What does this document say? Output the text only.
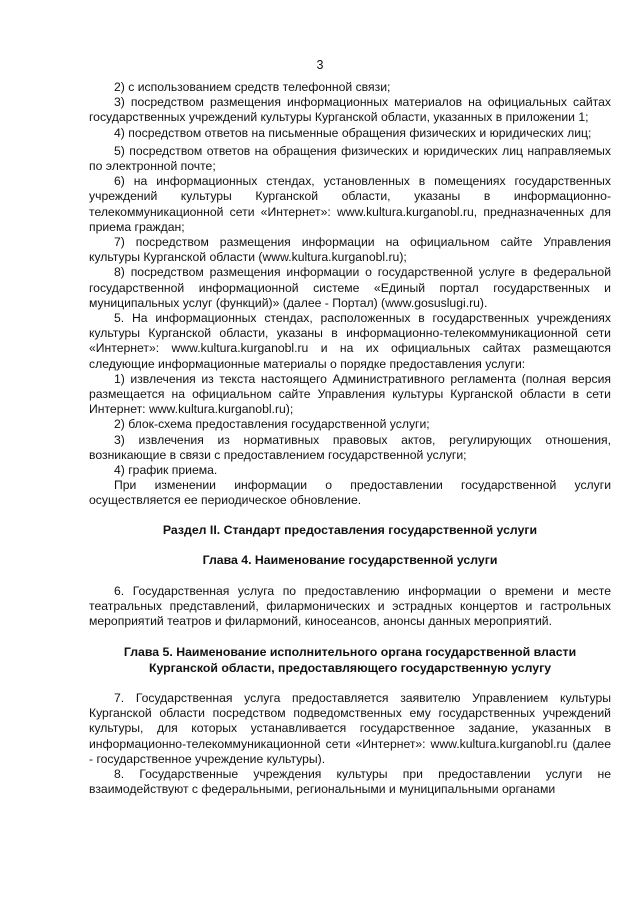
3

2) с использованием средств телефонной связи;

3) посредством размещения информационных материалов на официальных сайтах государственных учреждений культуры Курганской области, указанных в приложении 1;

4) посредством ответов на письменные обращения физических и юридических лиц;

5) посредством ответов на обращения физических и юридических лиц направляемых по электронной почте;

6) на информационных стендах, установленных в помещениях государственных учреждений культуры Курганской области, указаны в информационно-телекоммуникационной сети «Интернет»: www.kultura.kurganobl.ru, предназначенных для приема граждан;

7) посредством размещения информации на официальном сайте Управления культуры Курганской области (www.kultura.kurganobl.ru);

8) посредством размещения информации о государственной услуге в федеральной государственной информационной системе «Единый портал государственных и муниципальных услуг (функций)» (далее - Портал) (www.gosuslugi.ru).

5. На информационных стендах, расположенных в государственных учреждениях культуры Курганской области, указаны в информационно-телекоммуникационной сети «Интернет»: www.kultura.kurganobl.ru и на их официальных сайтах размещаются следующие информационные материалы о порядке предоставления услуги:

1) извлечения из текста настоящего Административного регламента (полная версия размещается на официальном сайте Управления культуры Курганской области в сети Интернет: www.kultura.kurganobl.ru);

2) блок-схема предоставления государственной услуги;

3) извлечения из нормативных правовых актов, регулирующих отношения, возникающие в связи с предоставлением государственной услуги;

4) график приема.

При изменении информации о предоставлении государственной услуги осуществляется ее периодическое обновление.

Раздел II. Стандарт предоставления государственной услуги

Глава 4. Наименование государственной услуги

6. Государственная услуга по предоставлению информации о времени и месте театральных представлений, филармонических и эстрадных концертов и гастрольных мероприятий театров и филармоний, киносеансов, анонсы данных мероприятий.

Глава 5. Наименование исполнительного органа государственной власти

Курганской области, предоставляющего государственную услугу

7. Государственная услуга предоставляется заявителю Управлением культуры Курганской области посредством подведомственных ему государственных учреждений культуры, для которых устанавливается государственное задание, указанных в информационно-телекоммуникационной сети «Интернет»: www.kultura.kurganobl.ru (далее - государственное учреждение культуры).

8. Государственные учреждения культуры при предоставлении услуги не взаимодействуют с федеральными, региональными и муниципальными органами
